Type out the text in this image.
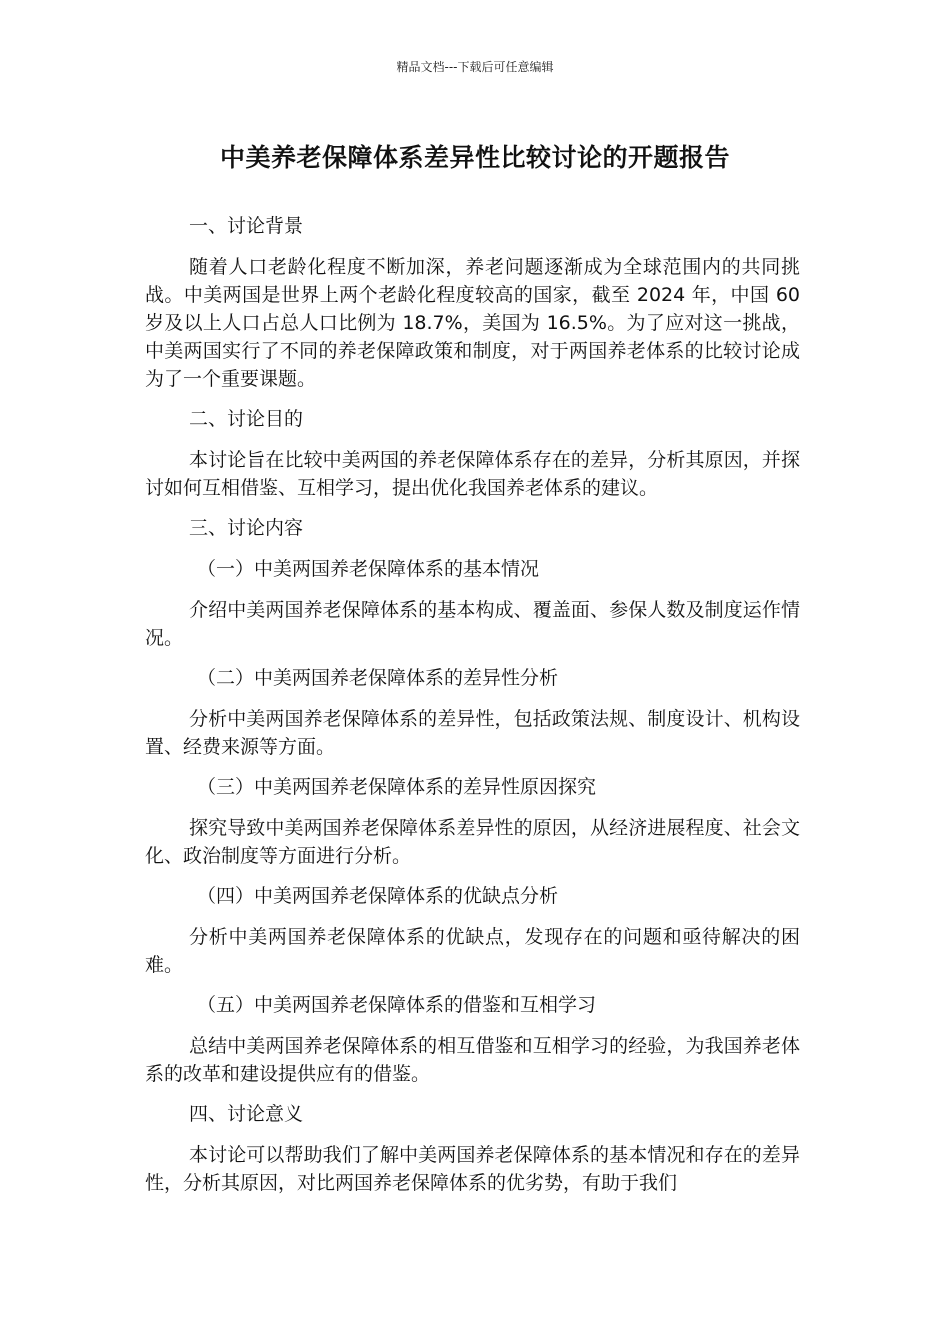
精品文档---下载后可任意编辑
中美养老保障体系差异性比较讨论的开题报告

一、讨论背景

随着人口老龄化程度不断加深，养老问题逐渐成为全球范围内的共同挑战。中美两国是世界上两个老龄化程度较高的国家，截至 2024 年，中国 60 岁及以上人口占总人口比例为 18.7%，美国为 16.5%。为了应对这一挑战，中美两国实行了不同的养老保障政策和制度，对于两国养老体系的比较讨论成为了一个重要课题。

二、讨论目的

本讨论旨在比较中美两国的养老保障体系存在的差异，分析其原因，并探讨如何互相借鉴、互相学习，提出优化我国养老体系的建议。

三、讨论内容

（一）中美两国养老保障体系的基本情况

介绍中美两国养老保障体系的基本构成、覆盖面、参保人数及制度运作情况。

（二）中美两国养老保障体系的差异性分析

分析中美两国养老保障体系的差异性，包括政策法规、制度设计、机构设置、经费来源等方面。

（三）中美两国养老保障体系的差异性原因探究

探究导致中美两国养老保障体系差异性的原因，从经济进展程度、社会文化、政治制度等方面进行分析。

（四）中美两国养老保障体系的优缺点分析

分析中美两国养老保障体系的优缺点，发现存在的问题和亟待解决的困难。

（五）中美两国养老保障体系的借鉴和互相学习

总结中美两国养老保障体系的相互借鉴和互相学习的经验，为我国养老体系的改革和建设提供应有的借鉴。

四、讨论意义

本讨论可以帮助我们了解中美两国养老保障体系的基本情况和存在的差异性，分析其原因，对比两国养老保障体系的优劣势，有助于我们
